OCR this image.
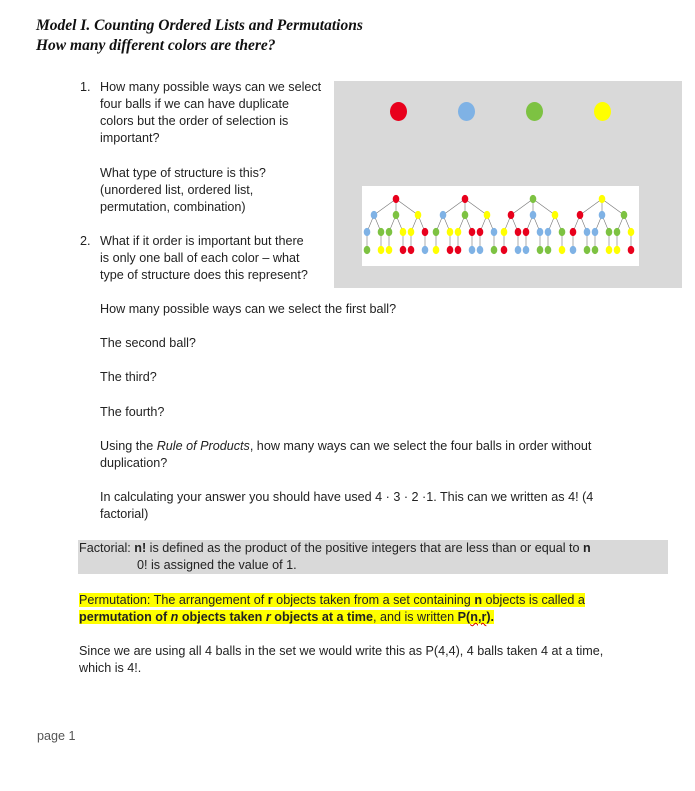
Model I. Counting Ordered Lists and Permutations
How many different colors are there?
1. How many possible ways can we select
four balls if we can have duplicate
colors but the order of selection is
important?
What type of structure is this?
(unordered list, ordered list,
permutation, combination)
2. What if it order is important but there
is only one ball of each color – what
type of structure does this represent?
How many possible ways can we select the first ball?
The second ball?
The third?
The fourth?
Using the Rule of Products, how many ways can we select the four balls in order without
duplication?
In calculating your answer you should have used 4 · 3 · 2 ·1. This can we written as 4! (4
factorial)
Factorial: n! is defined as the product of the positive integers that are less than or equal to n
0! is assigned the value of 1.
Permutation: The arrangement of r objects taken from a set containing n objects is called a
permutation of n objects taken r objects at a time, and is written P(n,r).
Since we are using all 4 balls in the set we would write this as P(4,4), 4 balls taken 4 at a time,
which is 4!.
page 1
